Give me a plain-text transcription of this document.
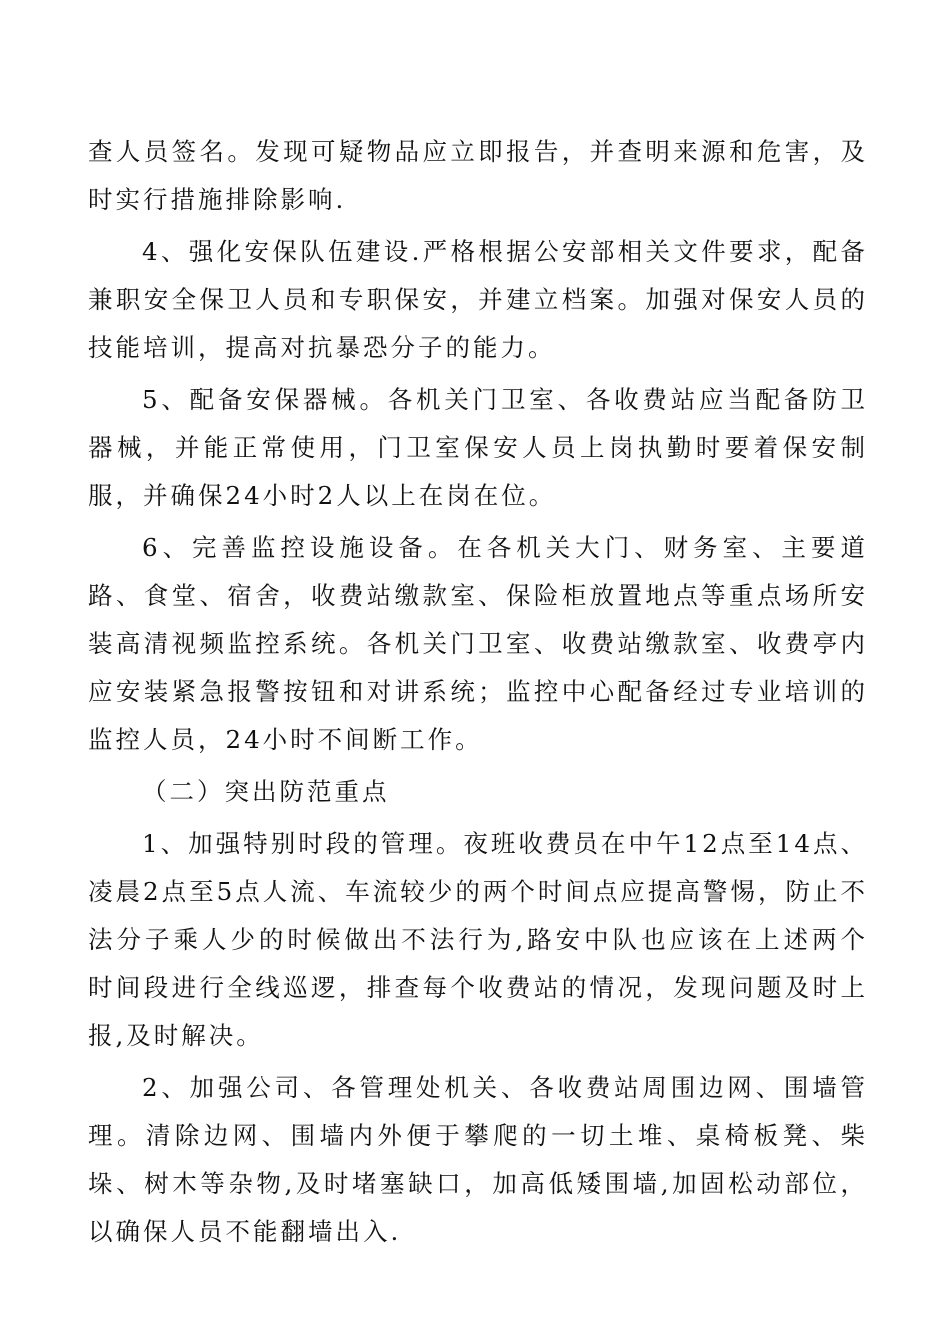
查人员签名。发现可疑物品应立即报告，并查明来源和危害，及时实行措施排除影响.

4、强化安保队伍建设.严格根据公安部相关文件要求，配备兼职安全保卫人员和专职保安，并建立档案。加强对保安人员的技能培训，提高对抗暴恐分子的能力。

5、配备安保器械。各机关门卫室、各收费站应当配备防卫器械，并能正常使用，门卫室保安人员上岗执勤时要着保安制服，并确保24小时2人以上在岗在位。

6、完善监控设施设备。在各机关大门、财务室、主要道路、食堂、宿舍，收费站缴款室、保险柜放置地点等重点场所安装高清视频监控系统。各机关门卫室、收费站缴款室、收费亭内应安装紧急报警按钮和对讲系统；监控中心配备经过专业培训的监控人员，24小时不间断工作。

（二）突出防范重点

1、加强特别时段的管理。夜班收费员在中午12点至14点、凌晨2点至5点人流、车流较少的两个时间点应提高警惕，防止不法分子乘人少的时候做出不法行为,路安中队也应该在上述两个时间段进行全线巡逻，排查每个收费站的情况，发现问题及时上报,及时解决。

2、加强公司、各管理处机关、各收费站周围边网、围墙管理。清除边网、围墙内外便于攀爬的一切土堆、桌椅板凳、柴垛、树木等杂物,及时堵塞缺口，加高低矮围墙,加固松动部位，以确保人员不能翻墙出入.
